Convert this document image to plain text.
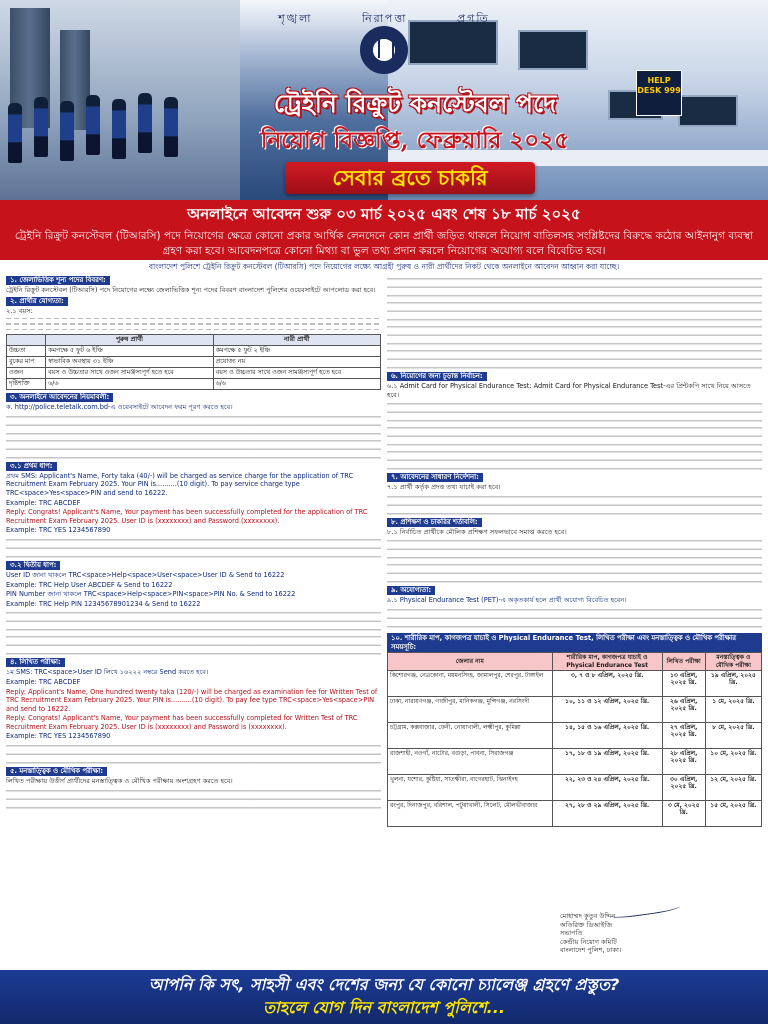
শৃঙ্খলা	নিরাপত্তা	প্রগতি
HELP DESK 999
ট্রেইনি রিক্রুট কনস্টেবল পদে
নিয়োগ বিজ্ঞপ্তি, ফেব্রুয়ারি ২০২৫
সেবার ব্রতে চাকরি
অনলাইনে আবেদন শুরু ০৩ মার্চ ২০২৫ এবং শেষ ১৮ মার্চ ২০২৫
ট্রেইনি রিক্রুট কনস্টেবল (টিআরসি) পদে নিয়োগের ক্ষেত্রে কোনো প্রকার আর্থিক লেনদেনে কোন প্রার্থী জড়িত থাকলে নিয়োগ বাতিলসহ সংশ্লিষ্টদের বিরুদ্ধে কঠোর আইনানুগ ব্যবস্থা গ্রহণ করা হবে। আবেদনপত্রে কোনো মিথ্যা বা ভুল তথ্য প্রদান করলে নিয়োগের অযোগ্য বলে বিবেচিত হবে।
বাংলাদেশ পুলিশে ট্রেইনি রিক্রুট কনস্টেবল (টিআরসি) পদে নিয়োগের লক্ষ্যে আগ্রহী পুরুষ ও নারী প্রার্থীদের নিকট থেকে অনলাইনে আবেদন আহ্বান করা যাচ্ছে।
১. জেলাভিত্তিক শূন্য পদের বিবরণ:
ট্রেইনি রিক্রুট কনস্টেবল (টিআরসি) পদে নিয়োগের লক্ষ্যে জেলাভিত্তিক শূন্য পদের বিবরণ বাংলাদেশ পুলিশের ওয়েবসাইটে আপলোড করা হবে।
২. প্রার্থীর যোগ্যতা:
২.১ বয়স:
	পুরুষ প্রার্থী	নারী প্রার্থী
উচ্চতা	কমপক্ষে ৫ ফুট ৬ ইঞ্চি	কমপক্ষে ৫ ফুট ২ ইঞ্চি
বুকের মাপ	স্বাভাবিক অবস্থায় ৩১ ইঞ্চি	প্রযোজ্য নয়
ওজন	বয়স ও উচ্চতার সাথে ওজন সামঞ্জস্যপূর্ণ হতে হবে	বয়স ও উচ্চতার সাথে ওজন সামঞ্জস্যপূর্ণ হতে হবে
দৃষ্টিশক্তি	৬/৬	৬/৬
৩. অনলাইনে আবেদনের নিয়মাবলী:
ক. http://police.teletalk.com.bd-এ ওয়েবসাইটে আবেদন ফরম পূরণ করতে হবে।
৩.১ প্রথম ধাপ:
প্রথম SMS: Applicant's Name, Forty taka (40/-) will be charged as service charge for the application of TRC Recruitment Exam February 2025. Your PIN is..........(10 digit). To pay service charge type TRC<space>Yes<space>PIN and send to 16222.
Example: TRC ABCDEF
Reply: Congrats! Applicant's Name, Your payment has been successfully completed for the application of TRC Recruitment Exam February 2025. User ID is (xxxxxxxx) and Password (xxxxxxxx).
Example: TRC YES 1234567890
৩.২ দ্বিতীয় ধাপ:
User ID জানা থাকলে TRC<space>Help<space>User<space>User ID & Send to 16222
Example: TRC Help User ABCDEF & Send to 16222
PIN Number জানা থাকলে TRC<space>Help<space>PIN<space>PIN No. & Send to 16222
Example: TRC Help PIN 12345678901234 & Send to 16222
৪. লিখিত পরীক্ষা:
১ম SMS: TRC<space>User ID লিখে ১৬২২২ নম্বরে Send করতে হবে।
Example: TRC ABCDEF
Reply: Applicant's Name, One hundred twenty taka (120/-) will be charged as examination fee for Written Test of TRC Recruitment Exam February 2025. Your PIN is..........(10 digit). To pay fee type TRC<space>Yes<space>PIN and send to 16222.
Reply: Congrats! Applicant's Name, Your payment has been successfully completed for Written Test of TRC Recruitment Exam February 2025. User ID is (xxxxxxxx) and Password is (xxxxxxxx).
Example: TRC YES 1234567890
৫. মনস্তাত্ত্বিক ও মৌখিক পরীক্ষা:
লিখিত পরীক্ষায় উত্তীর্ণ প্রার্থীদের মনস্তাত্ত্বিক ও মৌখিক পরীক্ষায় অংশগ্রহণ করতে হবে।
৬. নিয়োগের জন্য চূড়ান্ত নির্বাচন:
৬.১ Admit Card for Physical Endurance Test: Admit Card for Physical Endurance Test-এর প্রিন্টকপি সাথে নিয়ে আসতে হবে।
৭. আবেদনের সাধারণ নির্দেশনা:
৭.১ প্রার্থী কর্তৃক প্রদত্ত তথ্য যাচাই করা হবে।
৮. প্রশিক্ষণ ও চাকরির শর্তাবলি:
৮.১ নির্বাচিত প্রার্থীকে মৌলিক প্রশিক্ষণ সফলভাবে সমাপ্ত করতে হবে।
৯. অযোগ্যতা:
৯.১ Physical Endurance Test (PET)-এ অকৃতকার্য হলে প্রার্থী অযোগ্য বিবেচিত হবেন।
১০. শারীরিক মাপ, কাগজপত্র যাচাই ও Physical Endurance Test, লিখিত পরীক্ষা এবং মনস্তাত্ত্বিক ও মৌখিক পরীক্ষার সময়সূচি:
জেলার নাম	শারীরিক মাপ, কাগজপত্র যাচাই ও Physical Endurance Test	লিখিত পরীক্ষা	মনস্তাত্ত্বিক ও মৌখিক পরীক্ষা
কিশোরগঞ্জ, নেত্রকোনা, ময়মনসিংহ, জামালপুর, শেরপুর, টাঙ্গাইল	৩, ৭ ও ৮ এপ্রিল, ২০২৫ খ্রি.	১৩ এপ্রিল, ২০২৫ খ্রি.	১৯ এপ্রিল, ২০২৫ খ্রি.
ঢাকা, নারায়ণগঞ্জ, গাজীপুর, মানিকগঞ্জ, মুন্সিগঞ্জ, নরসিংদী	১০, ১১ ও ১২ এপ্রিল, ২০২৫ খ্রি.	২৬ এপ্রিল, ২০২৫ খ্রি.	১ মে, ২০২৫ খ্রি.
চট্টগ্রাম, কক্সবাজার, ফেনী, নোয়াখালী, লক্ষ্মীপুর, কুমিল্লা	১৪, ১৫ ও ১৬ এপ্রিল, ২০২৫ খ্রি.	২৭ এপ্রিল, ২০২৫ খ্রি.	৮ মে, ২০২৫ খ্রি.
রাজশাহী, নওগাঁ, নাটোর, বগুড়া, পাবনা, সিরাজগঞ্জ	১৭, ১৮ ও ১৯ এপ্রিল, ২০২৫ খ্রি.	২৮ এপ্রিল, ২০২৫ খ্রি.	১০ মে, ২০২৫ খ্রি.
খুলনা, যশোর, কুষ্টিয়া, সাতক্ষীরা, বাগেরহাট, ঝিনাইদহ	২২, ২৩ ও ২৪ এপ্রিল, ২০২৫ খ্রি.	৩০ এপ্রিল, ২০২৫ খ্রি.	১২ মে, ২০২৫ খ্রি.
রংপুর, দিনাজপুর, বরিশাল, পটুয়াখালী, সিলেট, মৌলভীবাজার	২৭, ২৮ ও ২৯ এপ্রিল, ২০২৫ খ্রি.	৩ মে, ২০২৫ খ্রি.	১৫ মে, ২০২৫ খ্রি.
মোহাম্মদ কুতুব উদ্দিন
অতিরিক্ত ডিআইজি
সভাপতি
কেন্দ্রীয় নিয়োগ কমিটি
বাংলাদেশ পুলিশ, ঢাকা।
আপনি কি সৎ, সাহসী এবং দেশের জন্য যে কোনো চ্যালেঞ্জ গ্রহণে প্রস্তুত?
তাহলে যোগ দিন বাংলাদেশ পুলিশে...
